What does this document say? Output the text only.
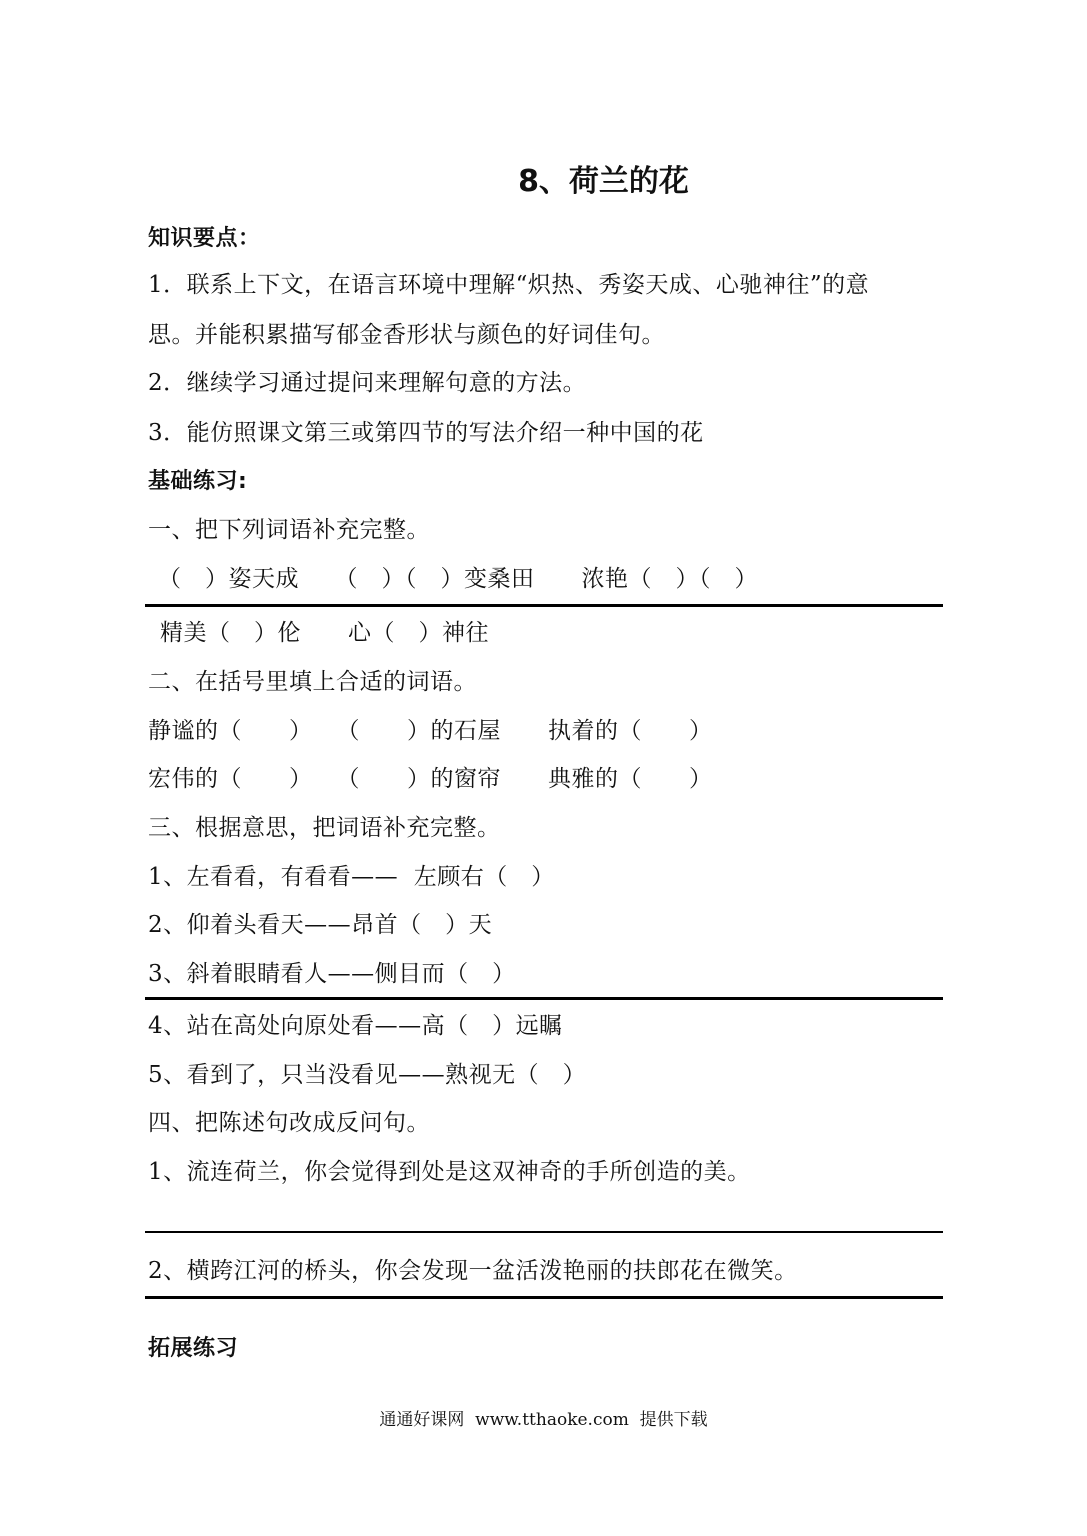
8、荷兰的花
知识要点：
1．联系上下文，在语言环境中理解“炽热、秀姿天成、心驰神往”的意
思。并能积累描写郁金香形状与颜色的好词佳句。
2．继续学习通过提问来理解句意的方法。
3．能仿照课文第三或第四节的写法介绍一种中国的花
基础练习:
一、把下列词语补充完整。
（　）姿天成　　（　）（　）变桑田　　浓艳（　）（　）
精美（　）伦　　心（　）神往
二、在括号里填上合适的词语。
静谧的（　　）　　（　　）的石屋　　执着的（　　）
宏伟的（　　）　　（　　）的窗帘　　典雅的（　　）
三、根据意思，把词语补充完整。
1、左看看，有看看——  左顾右（　）
2、仰着头看天——昂首（　）天
3、斜着眼睛看人——侧目而（　）
4、站在高处向原处看——高（　）远瞩
5、看到了，只当没看见——熟视无（　）
四、把陈述句改成反问句。
1、流连荷兰，你会觉得到处是这双神奇的手所创造的美。
2、横跨江河的桥头，你会发现一盆活泼艳丽的扶郎花在微笑。
拓展练习
通通好课网  www.tthaoke.com  提供下载
